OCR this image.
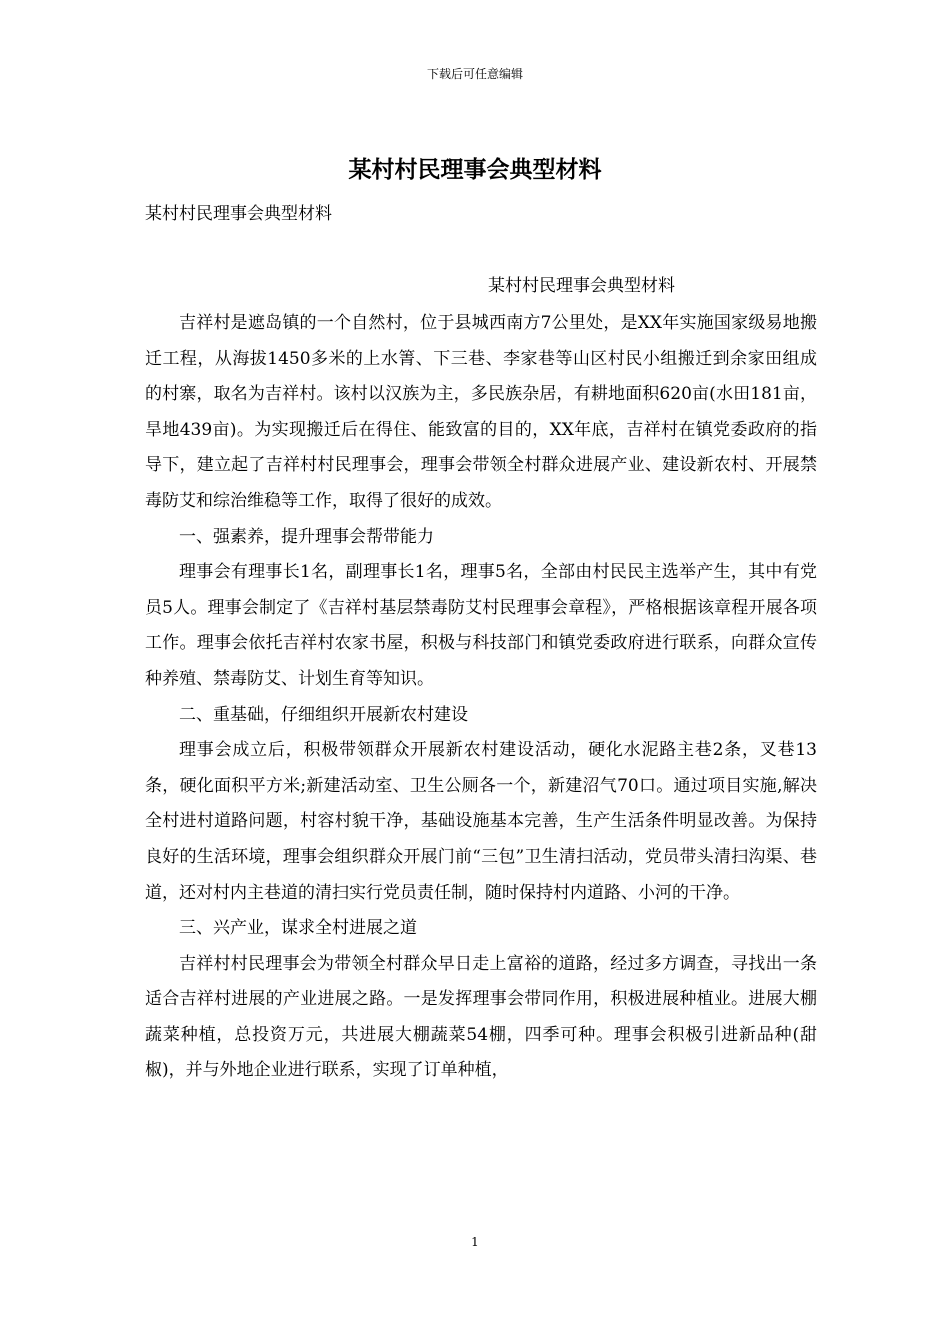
下载后可任意编辑
某村村民理事会典型材料
某村村民理事会典型材料
某村村民理事会典型材料

吉祥村是遮岛镇的一个自然村，位于县城西南方7公里处，是XX年实施国家级易地搬迁工程，从海拔1450多米的上水箐、下三巷、李家巷等山区村民小组搬迁到余家田组成的村寨，取名为吉祥村。该村以汉族为主，多民族杂居，有耕地面积620亩(水田181亩，旱地439亩)。为实现搬迁后在得住、能致富的目的，XX年底，吉祥村在镇党委政府的指导下，建立起了吉祥村村民理事会，理事会带领全村群众进展产业、建设新农村、开展禁毒防艾和综治维稳等工作，取得了很好的成效。

一、强素养，提升理事会帮带能力

理事会有理事长1名，副理事长1名，理事5名，全部由村民民主选举产生，其中有党员5人。理事会制定了《吉祥村基层禁毒防艾村民理事会章程》，严格根据该章程开展各项工作。理事会依托吉祥村农家书屋，积极与科技部门和镇党委政府进行联系，向群众宣传种养殖、禁毒防艾、计划生育等知识。

二、重基础，仔细组织开展新农村建设

理事会成立后，积极带领群众开展新农村建设活动，硬化水泥路主巷2条，叉巷13条，硬化面积平方米;新建活动室、卫生公厕各一个，新建沼气70口。通过项目实施,解决全村进村道路问题，村容村貌干净，基础设施基本完善，生产生活条件明显改善。为保持良好的生活环境，理事会组织群众开展门前“三包”卫生清扫活动，党员带头清扫沟渠、巷道，还对村内主巷道的清扫实行党员责任制，随时保持村内道路、小河的干净。

三、兴产业，谋求全村进展之道

吉祥村村民理事会为带领全村群众早日走上富裕的道路，经过多方调查，寻找出一条适合吉祥村进展的产业进展之路。一是发挥理事会带同作用，积极进展种植业。进展大棚蔬菜种植，总投资万元，共进展大棚蔬菜54棚，四季可种。理事会积极引进新品种(甜椒)，并与外地企业进行联系，实现了订单种植，

1
